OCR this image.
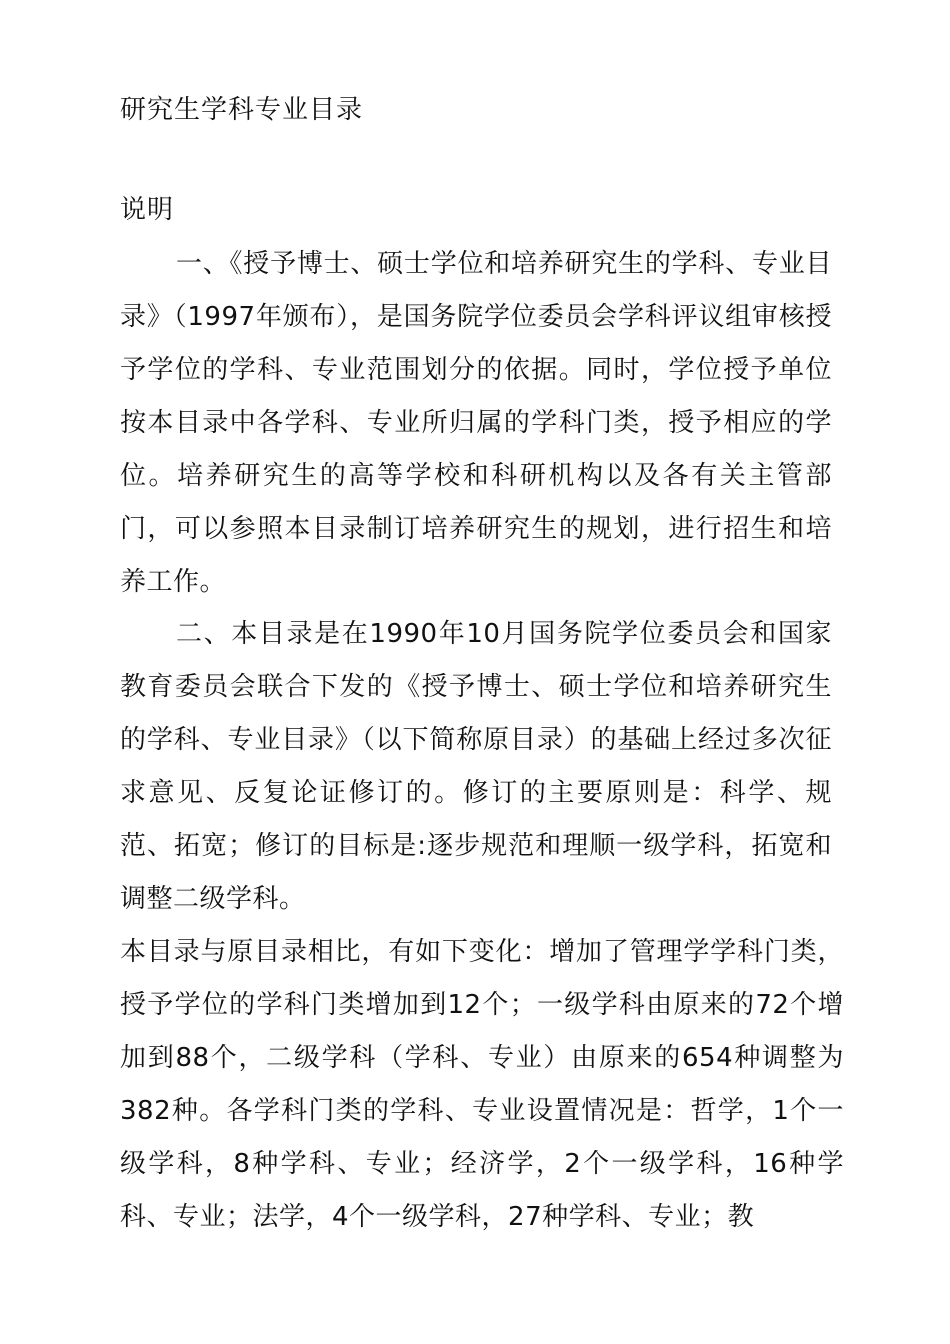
研究生学科专业目录
说明

一、《授予博士、硕士学位和培养研究生的学科、专业目录》（1997年颁布），是国务院学位委员会学科评议组审核授予学位的学科、专业范围划分的依据。同时，学位授予单位按本目录中各学科、专业所归属的学科门类，授予相应的学位。培养研究生的高等学校和科研机构以及各有关主管部门，可以参照本目录制订培养研究生的规划，进行招生和培养工作。

二、本目录是在1990年10月国务院学位委员会和国家教育委员会联合下发的《授予博士、硕士学位和培养研究生的学科、专业目录》（以下简称原目录）的基础上经过多次征求意见、反复论证修订的。修订的主要原则是：科学、规范、拓宽；修订的目标是:逐步规范和理顺一级学科，拓宽和调整二级学科。

本目录与原目录相比，有如下变化：增加了管理学学科门类，授予学位的学科门类增加到12个；一级学科由原来的72个增加到88个，二级学科（学科、专业）由原来的654种调整为382种。各学科门类的学科、专业设置情况是：哲学，1个一级学科，8种学科、专业；经济学，2个一级学科，16种学科、专业；法学，4个一级学科，27种学科、专业；教
